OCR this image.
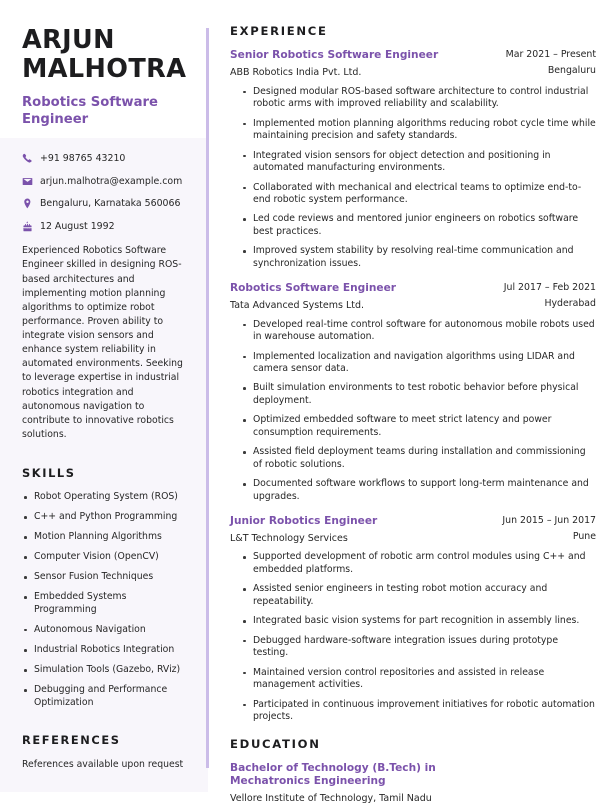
ARJUN MALHOTRA
Robotics Software Engineer
+91 98765 43210
arjun.malhotra@example.com
Bengaluru, Karnataka 560066
12 August 1992

Experienced Robotics Software Engineer skilled in designing ROS-based architectures and implementing motion planning algorithms to optimize robot performance. Proven ability to integrate vision sensors and enhance system reliability in automated environments. Seeking to leverage expertise in industrial robotics integration and autonomous navigation to contribute to innovative robotics solutions.

SKILLS
Robot Operating System (ROS)
C++ and Python Programming
Motion Planning Algorithms
Computer Vision (OpenCV)
Sensor Fusion Techniques
Embedded Systems Programming
Autonomous Navigation
Industrial Robotics Integration
Simulation Tools (Gazebo, RViz)
Debugging and Performance Optimization
REFERENCES

References available upon request

EXPERIENCE
Senior Robotics Software Engineer
ABB Robotics India Pvt. Ltd.
Mar 2021 – Present
Bengaluru
Designed modular ROS-based software architecture to control industrial robotic arms with improved reliability and scalability.
Implemented motion planning algorithms reducing robot cycle time while maintaining precision and safety standards.
Integrated vision sensors for object detection and positioning in automated manufacturing environments.
Collaborated with mechanical and electrical teams to optimize end-to-end robotic system performance.
Led code reviews and mentored junior engineers on robotics software best practices.
Improved system stability by resolving real-time communication and synchronization issues.
Robotics Software Engineer
Tata Advanced Systems Ltd.
Jul 2017 – Feb 2021
Hyderabad
Developed real-time control software for autonomous mobile robots used in warehouse automation.
Implemented localization and navigation algorithms using LIDAR and camera sensor data.
Built simulation environments to test robotic behavior before physical deployment.
Optimized embedded software to meet strict latency and power consumption requirements.
Assisted field deployment teams during installation and commissioning of robotic solutions.
Documented software workflows to support long-term maintenance and upgrades.
Junior Robotics Engineer
L&T Technology Services
Jun 2015 – Jun 2017
Pune
Supported development of robotic arm control modules using C++ and embedded platforms.
Assisted senior engineers in testing robot motion accuracy and repeatability.
Integrated basic vision systems for part recognition in assembly lines.
Debugged hardware-software integration issues during prototype testing.
Maintained version control repositories and assisted in release management activities.
Participated in continuous improvement initiatives for robotic automation projects.
EDUCATION
Bachelor of Technology (B.Tech) in Mechatronics Engineering
Vellore Institute of Technology, Tamil Nadu
